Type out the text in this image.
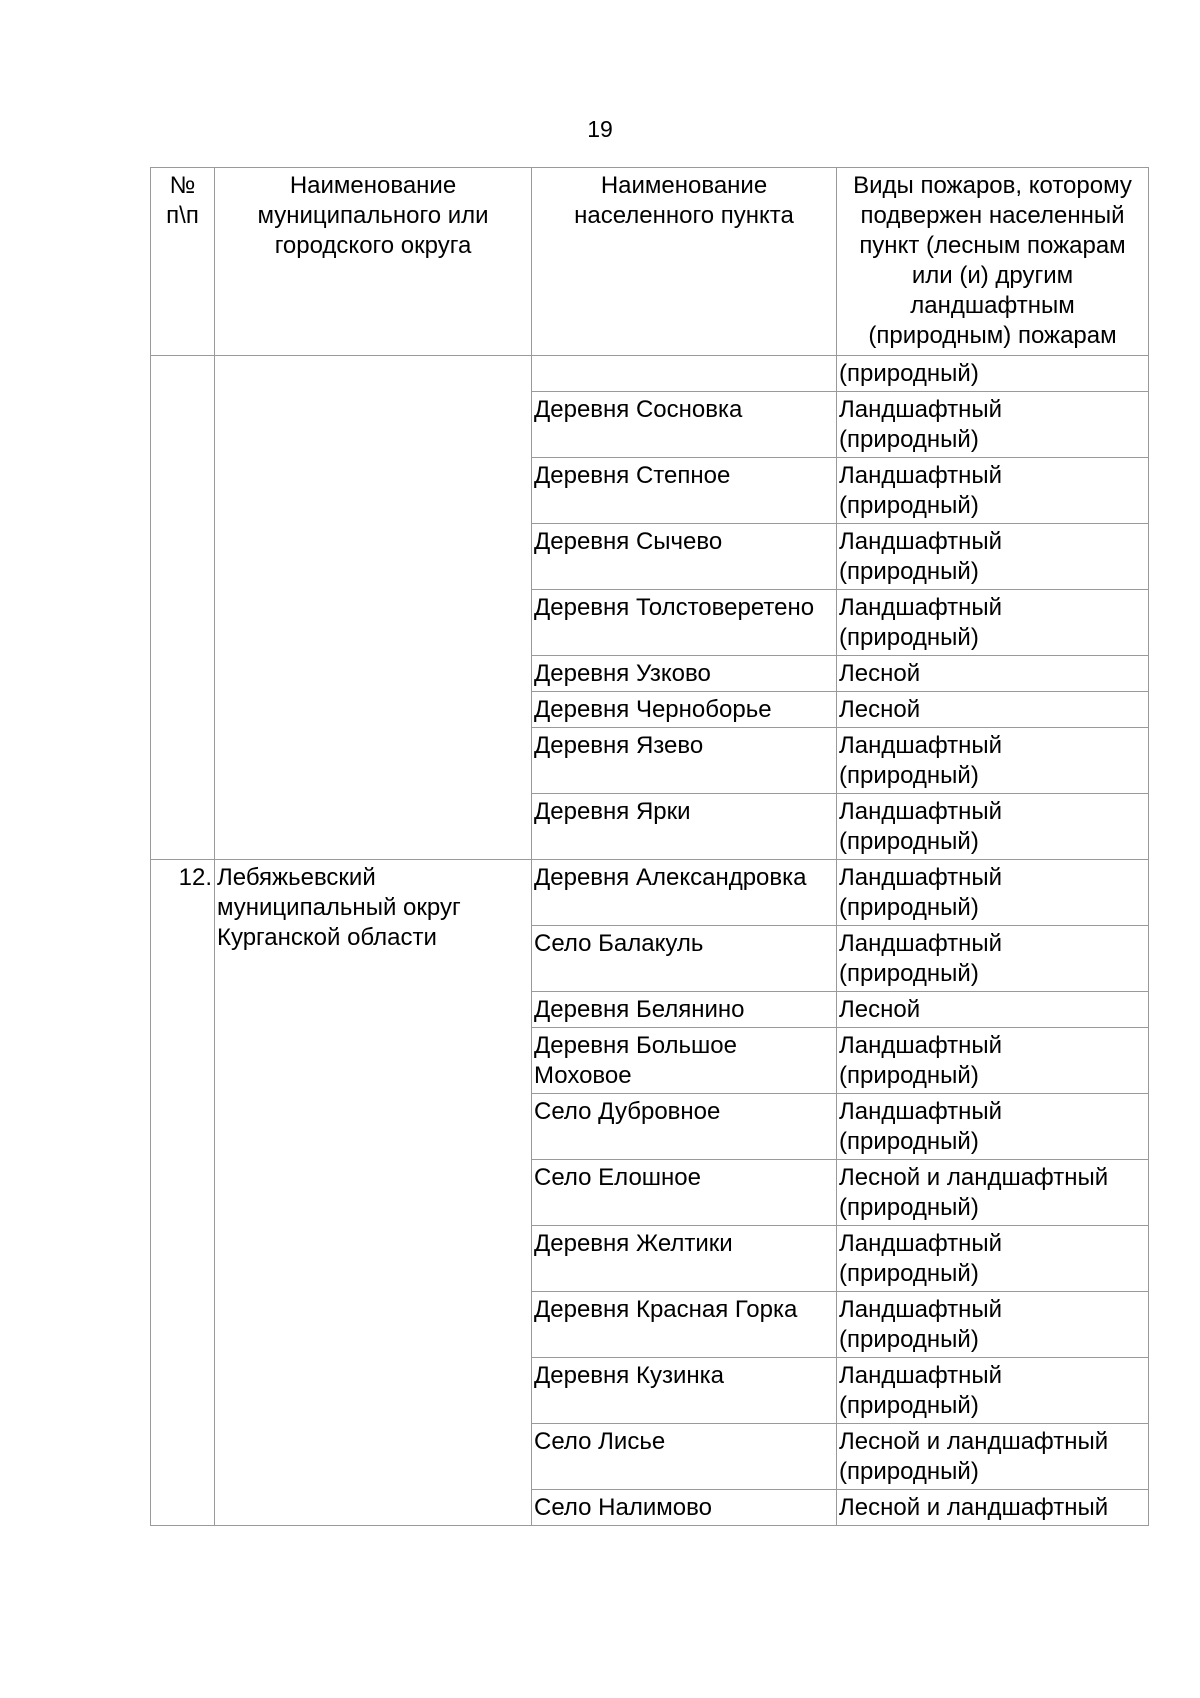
19
№ п\п	Наименование муниципального или городского округа	Наименование населенного пункта	Виды пожаров, которому подвержен населенный пункт (лесным пожарам или (и) другим ландшафтным (природным) пожарам
			(природный)
		Деревня Сосновка	Ландшафтный (природный)
		Деревня Степное	Ландшафтный (природный)
		Деревня Сычево	Ландшафтный (природный)
		Деревня Толстоверетено	Ландшафтный (природный)
		Деревня Узково	Лесной
		Деревня Черноборье	Лесной
		Деревня Язево	Ландшафтный (природный)
		Деревня Ярки	Ландшафтный (природный)
12.	Лебяжьевский муниципальный округ Курганской области	Деревня Александровка	Ландшафтный (природный)
		Село Балакуль	Ландшафтный (природный)
		Деревня Белянино	Лесной
		Деревня Большое Моховое	Ландшафтный (природный)
		Село Дубровное	Ландшафтный (природный)
		Село Елошное	Лесной и ландшафтный (природный)
		Деревня Желтики	Ландшафтный (природный)
		Деревня Красная Горка	Ландшафтный (природный)
		Деревня Кузинка	Ландшафтный (природный)
		Село Лисье	Лесной и ландшафтный (природный)
		Село Налимово	Лесной и ландшафтный
